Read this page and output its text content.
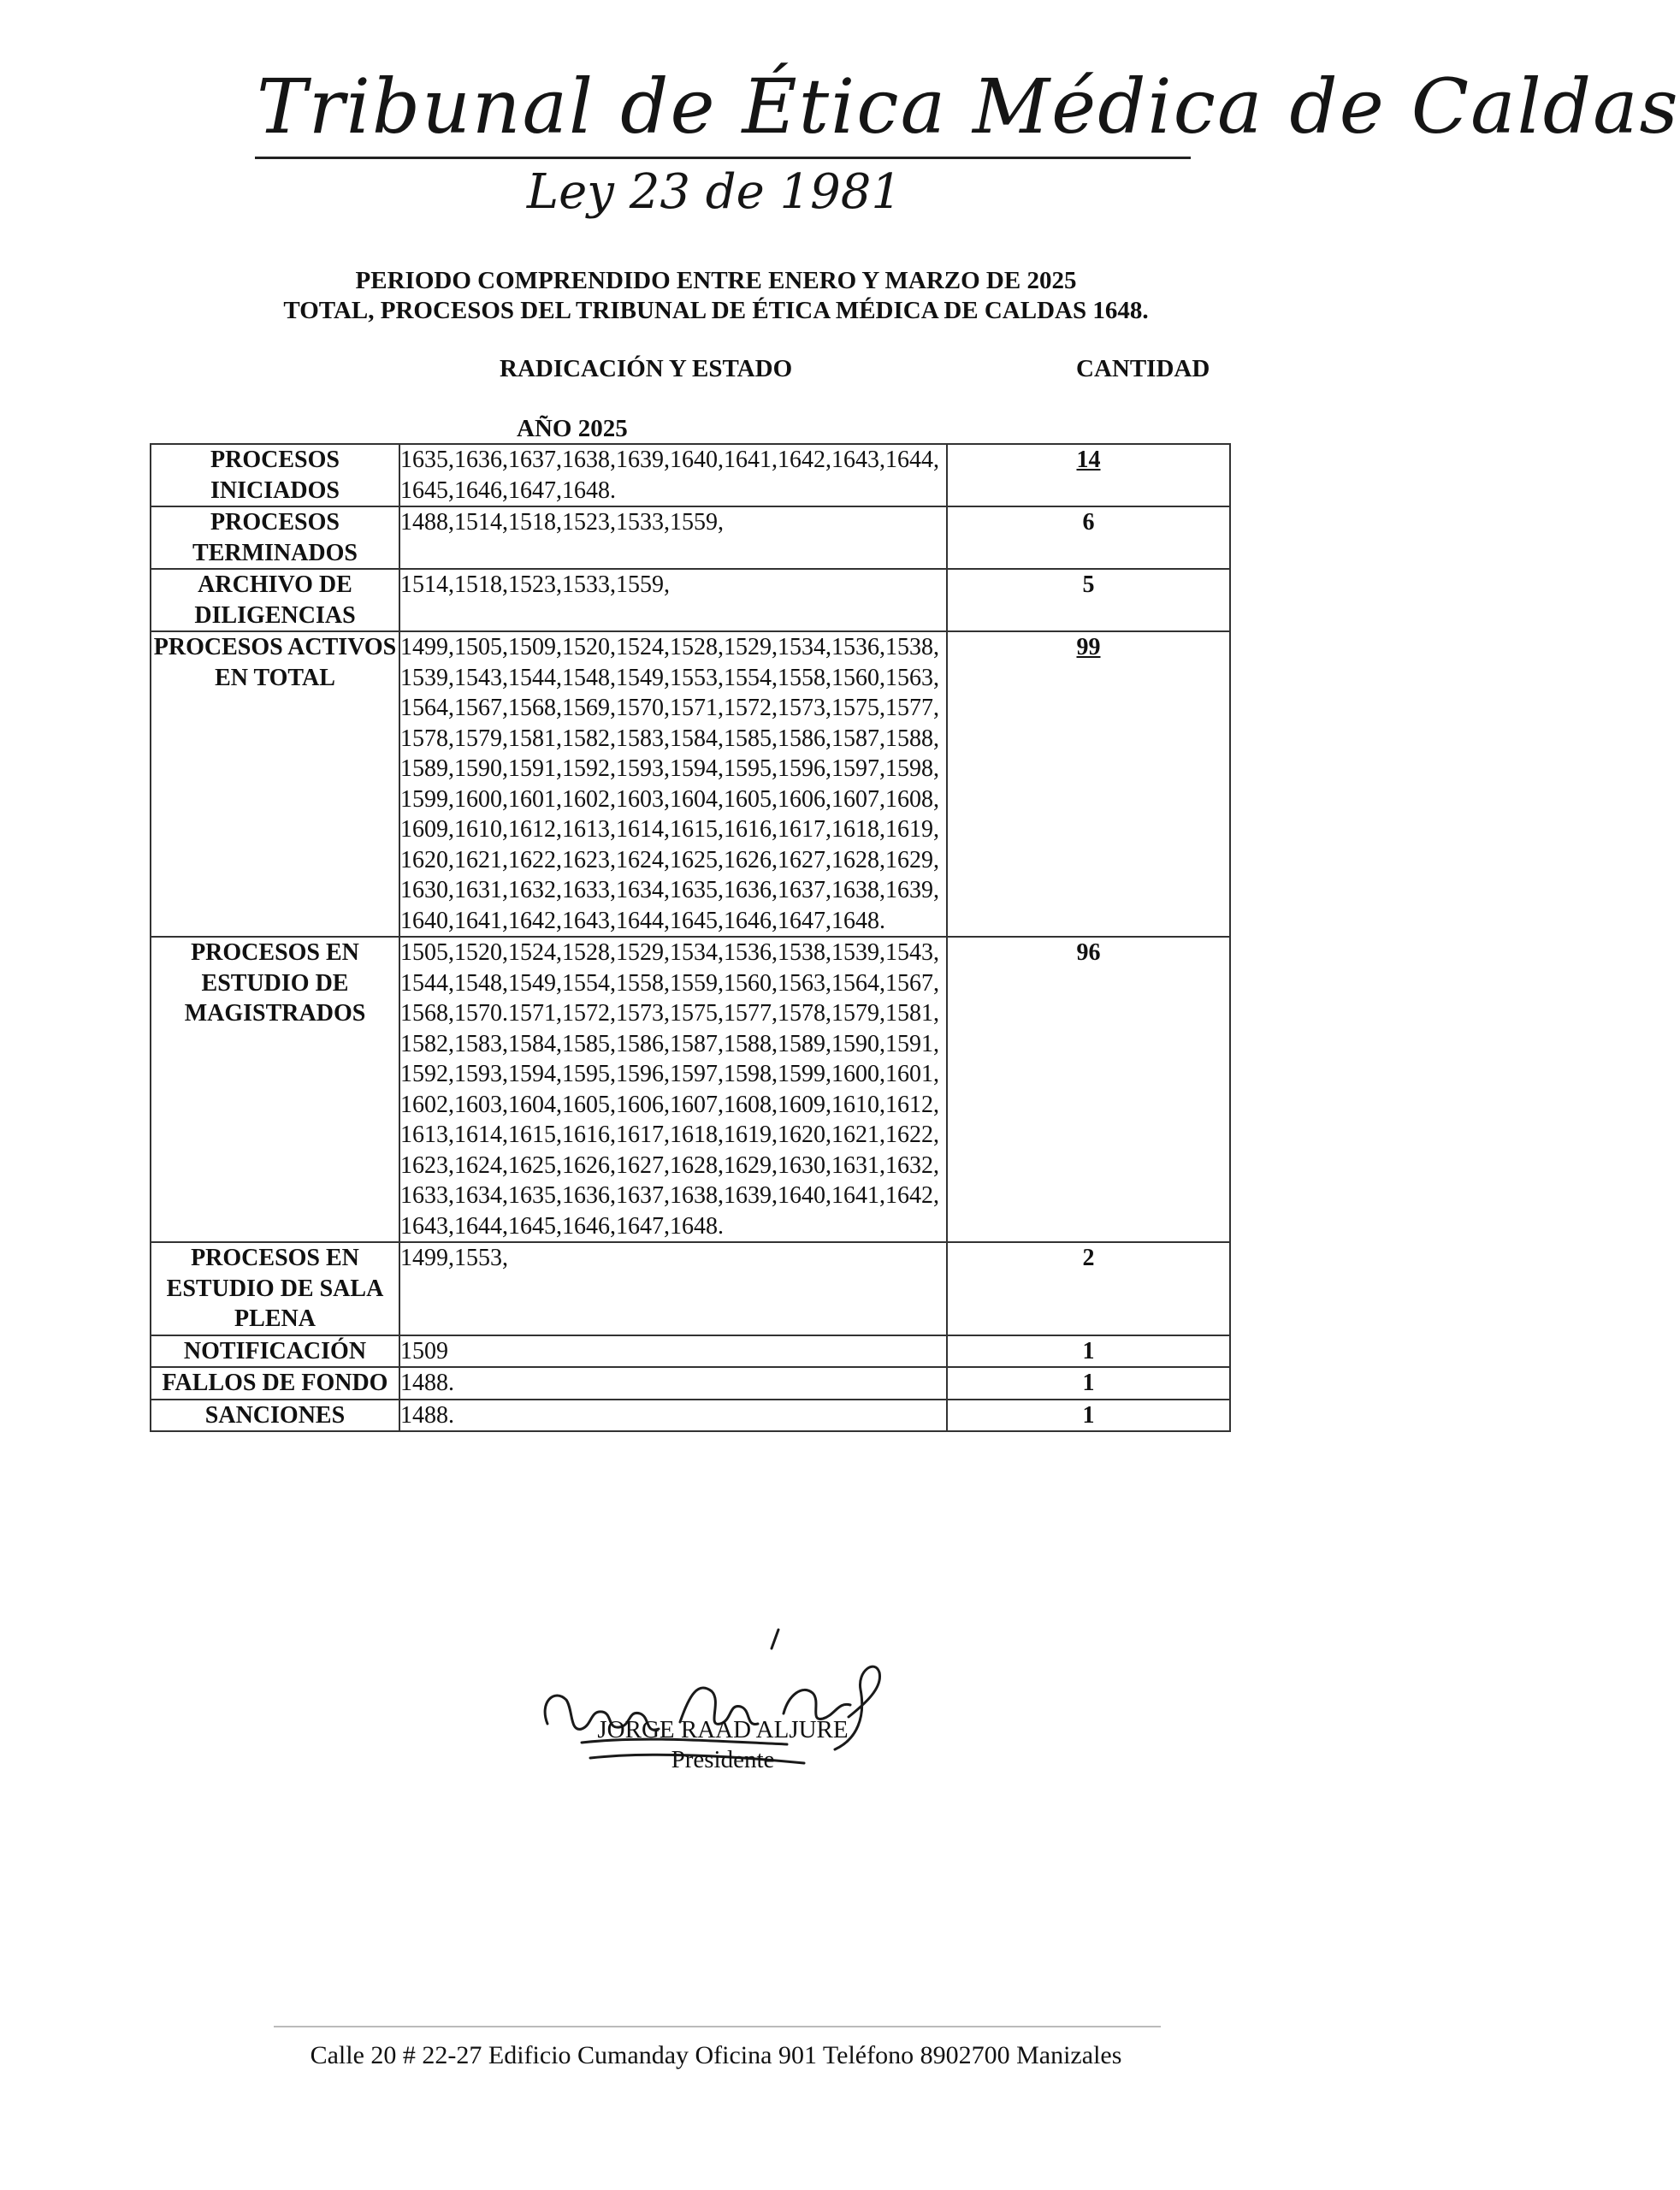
Tribunal de Ética Médica de Caldas
Ley 23 de 1981
PERIODO COMPRENDIDO ENTRE ENERO Y MARZO DE 2025
TOTAL, PROCESOS DEL TRIBUNAL DE ÉTICA MÉDICA DE CALDAS 1648.
RADICACIÓN Y ESTADO	CANTIDAD
AÑO 2025
PROCESOS INICIADOS	1635,1636,1637,1638,1639,1640,1641,1642,1643,1644,1645,1646,1647,1648.	14
PROCESOS TERMINADOS	1488,1514,1518,1523,1533,1559,	6
ARCHIVO DE DILIGENCIAS	1514,1518,1523,1533,1559,	5
PROCESOS ACTIVOS EN TOTAL	1499,1505,1509,1520,1524,1528,1529,1534,1536,1538,1539,1543,1544,1548,1549,1553,1554,1558,1560,1563,1564,1567,1568,1569,1570,1571,1572,1573,1575,1577,1578,1579,1581,1582,1583,1584,1585,1586,1587,1588,1589,1590,1591,1592,1593,1594,1595,1596,1597,1598,1599,1600,1601,1602,1603,1604,1605,1606,1607,1608,1609,1610,1612,1613,1614,1615,1616,1617,1618,1619,1620,1621,1622,1623,1624,1625,1626,1627,1628,1629,1630,1631,1632,1633,1634,1635,1636,1637,1638,1639,1640,1641,1642,1643,1644,1645,1646,1647,1648.	99
PROCESOS EN ESTUDIO DE MAGISTRADOS	1505,1520,1524,1528,1529,1534,1536,1538,1539,1543,1544,1548,1549,1554,1558,1559,1560,1563,1564,1567,1568,1570.1571,1572,1573,1575,1577,1578,1579,1581,1582,1583,1584,1585,1586,1587,1588,1589,1590,1591,1592,1593,1594,1595,1596,1597,1598,1599,1600,1601,1602,1603,1604,1605,1606,1607,1608,1609,1610,1612,1613,1614,1615,1616,1617,1618,1619,1620,1621,1622,1623,1624,1625,1626,1627,1628,1629,1630,1631,1632,1633,1634,1635,1636,1637,1638,1639,1640,1641,1642,1643,1644,1645,1646,1647,1648.	96
PROCESOS EN ESTUDIO DE SALA PLENA	1499,1553,	2
NOTIFICACIÓN	1509	1
FALLOS DE FONDO	1488.	1
SANCIONES	1488.	1
JORGE RAAD ALJURE
Presidente
Calle 20 # 22-27 Edificio Cumanday Oficina 901 Teléfono 8902700 Manizales
